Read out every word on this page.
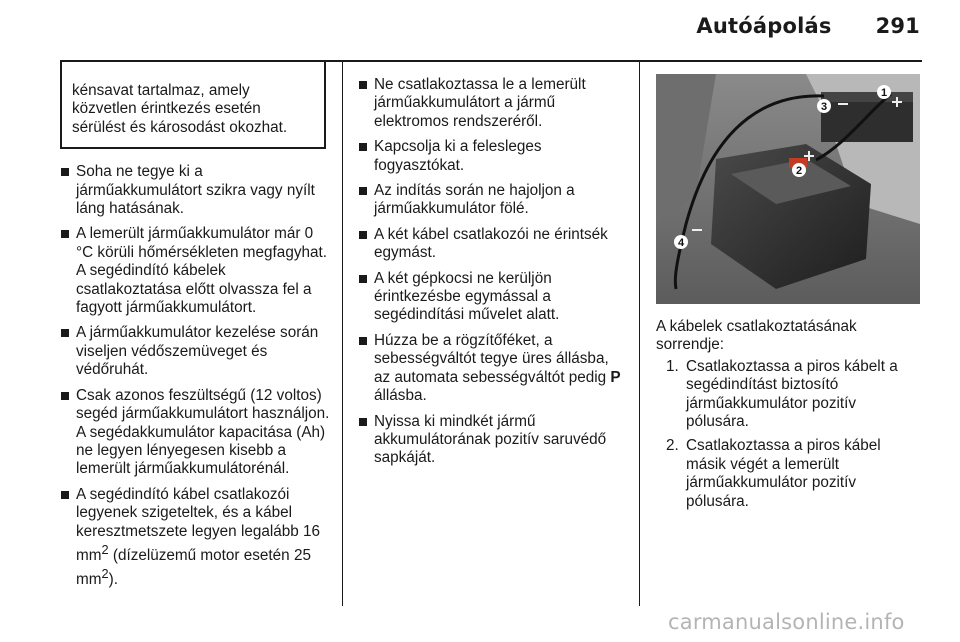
Autóápolás 291
kénsavat tartalmaz, amely közvetlen érintkezés esetén sérülést és károsodást okozhat.
Soha ne tegye ki a járműakkumulátort szikra vagy nyílt láng hatásának.
A lemerült járműakkumulátor már 0 °C körüli hőmérsékleten megfagyhat. A segédindító kábelek csatlakoztatása előtt olvassza fel a fagyott járműakkumulátort.
A járműakkumulátor kezelése során viseljen védőszemüveget és védőruhát.
Csak azonos feszültségű (12 voltos) segéd járműakkumulátort használjon. A segédakkumulátor kapacitása (Ah) ne legyen lényegesen kisebb a lemerült járműakkumulátorénál.
A segédindító kábel csatlakozói legyenek szigeteltek, és a kábel keresztmetszete legyen legalább 16 $mm^2$ (dízelüzemű motor esetén 25 $mm^2$).
Ne csatlakoztassa le a lemerült járműakkumulátort a jármű elektromos rendszeréről.
Kapcsolja ki a felesleges fogyasztókat.
Az indítás során ne hajoljon a járműakkumulátor fölé.
A két kábel csatlakozói ne érintsék egymást.
A két gépkocsi ne kerüljön érintkezésbe egymással a segédindítási művelet alatt.
Húzza be a rögzítőféket, a sebességváltót tegye üres állásba, az automata sebességváltót pedig P állásba.
Nyissa ki mindkét jármű akkumulátorának pozitív saruvédő sapkáját.
1
2
3
4
A kábelek csatlakoztatásának sorrendje:
1. Csatlakoztassa a piros kábelt a segédindítást biztosító járműakkumulátor pozitív pólusára.
2. Csatlakoztassa a piros kábel másik végét a lemerült járműakkumulátor pozitív pólusára.
carmanualsonline.info
